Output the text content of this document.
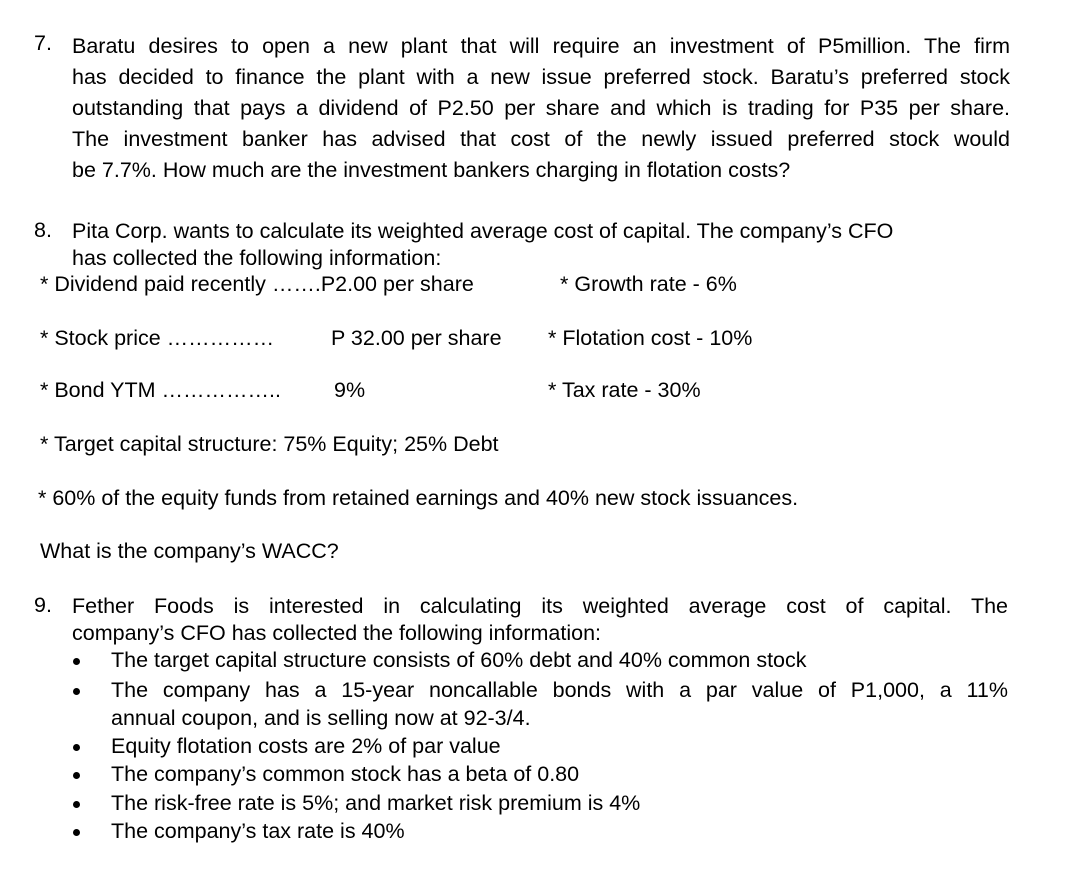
7. Baratu desires to open a new plant that will require an investment of P5million. The firm
has decided to finance the plant with a new issue preferred stock. Baratu’s preferred stock
outstanding that pays a dividend of P2.50 per share and which is trading for P35 per share.
The investment banker has advised that cost of the newly issued preferred stock would
be 7.7%. How much are the investment bankers charging in flotation costs?
8. Pita Corp. wants to calculate its weighted average cost of capital. The company’s CFO
has collected the following information:
* Dividend paid recently …….P2.00 per share	* Growth rate - 6%
* Stock price ……………	P 32.00 per share * Flotation cost - 10%
* Bond YTM …………….. 9%	* Tax rate - 30%
* Target capital structure: 75% Equity; 25% Debt
* 60% of the equity funds from retained earnings and 40% new stock issuances.
What is the company’s WACC?
9. Fether Foods is interested in calculating its weighted average cost of capital. The
company’s CFO has collected the following information:
The target capital structure consists of 60% debt and 40% common stock
The company has a 15-year noncallable bonds with a par value of P1,000, a 11%
annual coupon, and is selling now at 92-3/4.
Equity flotation costs are 2% of par value
The company’s common stock has a beta of 0.80
The risk-free rate is 5%; and market risk premium is 4%
The company’s tax rate is 40%
